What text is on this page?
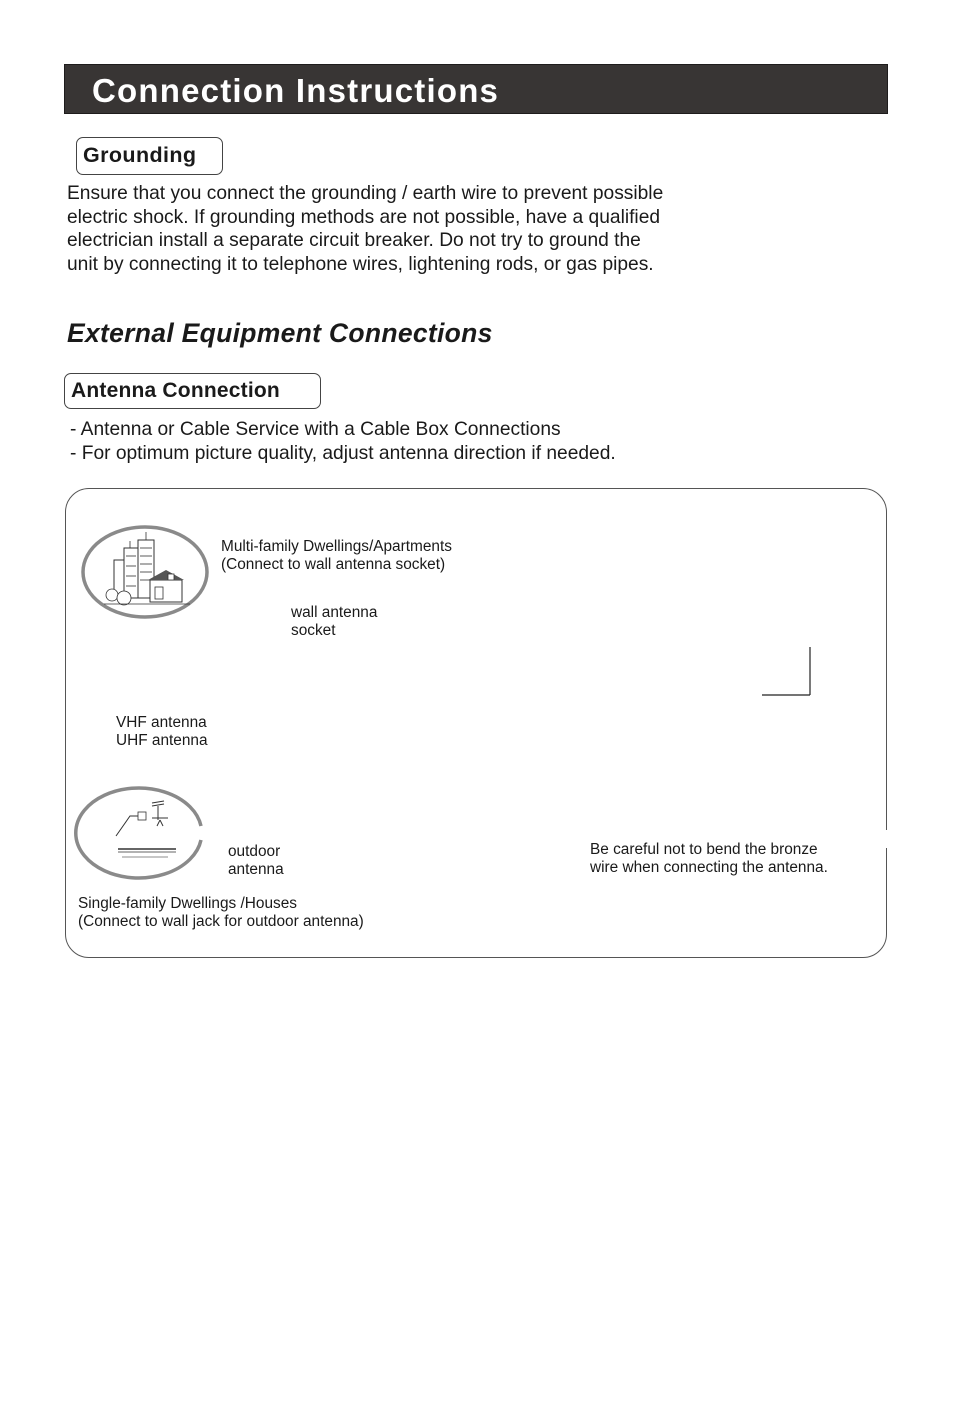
Connection Instructions
Grounding
Ensure that you connect the grounding / earth wire to prevent possible
electric shock. If grounding methods are not possible, have a qualified
electrician install a separate circuit breaker. Do not try to ground the
unit by connecting it to telephone wires, lightening rods, or gas pipes.
External Equipment Connections
Antenna Connection
- Antenna or Cable Service with a Cable Box Connections
- For optimum picture quality, adjust antenna direction if needed.
Multi-family Dwellings/Apartments
(Connect to wall antenna socket)
wall antenna
socket
VHF antenna
UHF antenna
outdoor
antenna
Single-family Dwellings /Houses
(Connect to wall jack for outdoor antenna)
Be careful not to bend the bronze
wire when connecting the antenna.
